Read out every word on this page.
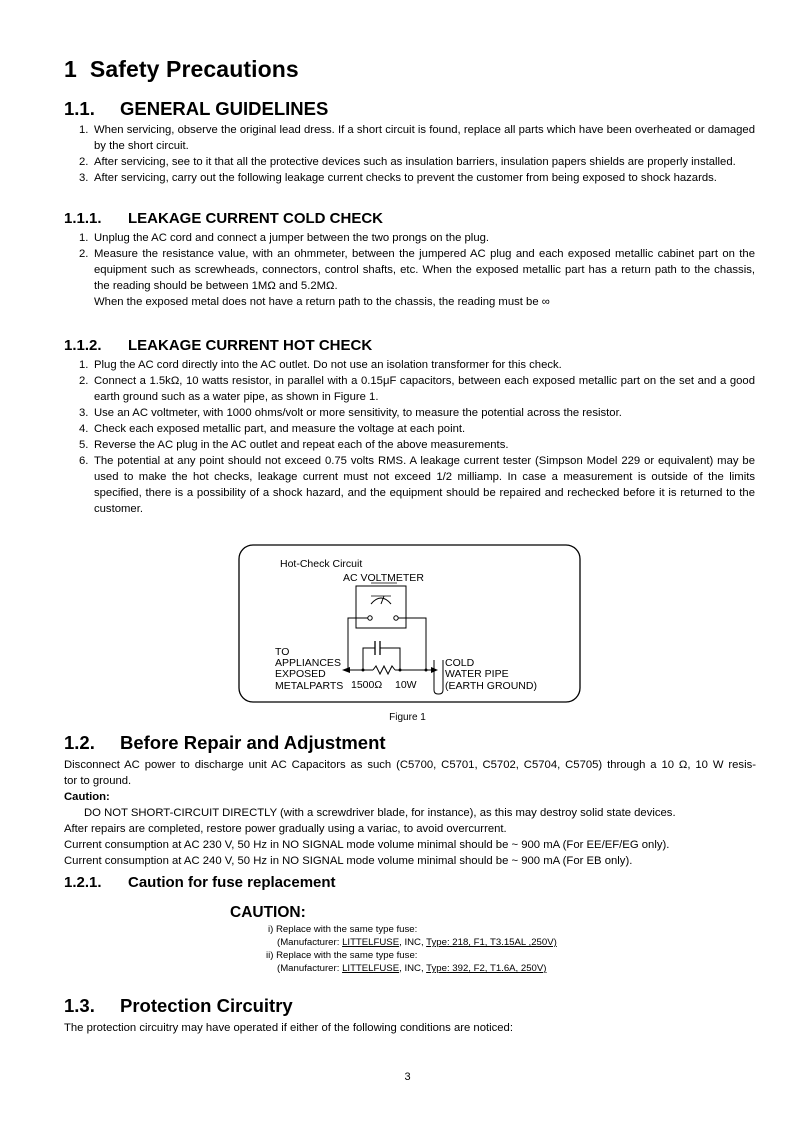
1 Safety Precautions
1.1. GENERAL GUIDELINES
1. When servicing, observe the original lead dress. If a short circuit is found, replace all parts which have been overheated or damaged by the short circuit.
2. After servicing, see to it that all the protective devices such as insulation barriers, insulation papers shields are properly installed.
3. After servicing, carry out the following leakage current checks to prevent the customer from being exposed to shock hazards.
1.1.1. LEAKAGE CURRENT COLD CHECK
1. Unplug the AC cord and connect a jumper between the two prongs on the plug.
2. Measure the resistance value, with an ohmmeter, between the jumpered AC plug and each exposed metallic cabinet part on the equipment such as screwheads, connectors, control shafts, etc. When the exposed metallic part has a return path to the chassis, the reading should be between 1MΩ and 5.2MΩ.
When the exposed metal does not have a return path to the chassis, the reading must be ∞
1.1.2. LEAKAGE CURRENT HOT CHECK
1. Plug the AC cord directly into the AC outlet. Do not use an isolation transformer for this check.
2. Connect a 1.5kΩ, 10 watts resistor, in parallel with a 0.15μF capacitors, between each exposed metallic part on the set and a good earth ground such as a water pipe, as shown in Figure 1.
3. Use an AC voltmeter, with 1000 ohms/volt or more sensitivity, to measure the potential across the resistor.
4. Check each exposed metallic part, and measure the voltage at each point.
5. Reverse the AC plug in the AC outlet and repeat each of the above measurements.
6. The potential at any point should not exceed 0.75 volts RMS. A leakage current tester (Simpson Model 229 or equivalent) may be used to make the hot checks, leakage current must not exceed 1/2 milliamp. In case a measurement is outside of the limits specified, there is a possibility of a shock hazard, and the equipment should be repaired and rechecked before it is returned to the customer.
Hot-Check Circuit
AC VOLTMETER
TO
APPLIANCES
EXPOSED
METALPARTS 1500Ω 10W
COLD
WATER PIPE
(EARTH GROUND)
Figure 1
1.2. Before Repair and Adjustment
Disconnect AC power to discharge unit AC Capacitors as such (C5700, C5701, C5702, C5704, C5705) through a 10 Ω, 10 W resis-
tor to ground.
Caution:
DO NOT SHORT-CIRCUIT DIRECTLY (with a screwdriver blade, for instance), as this may destroy solid state devices.
After repairs are completed, restore power gradually using a variac, to avoid overcurrent.
Current consumption at AC 230 V, 50 Hz in NO SIGNAL mode volume minimal should be ~ 900 mA (For EE/EF/EG only).
Current consumption at AC 240 V, 50 Hz in NO SIGNAL mode volume minimal should be ~ 900 mA (For EB only).
1.2.1. Caution for fuse replacement
CAUTION:
i) Replace with the same type fuse:
(Manufacturer: LITTELFUSE, INC, Type: 218, F1, T3.15AL ,250V)
ii) Replace with the same type fuse:
(Manufacturer: LITTELFUSE, INC, Type: 392, F2, T1.6A, 250V)
1.3. Protection Circuitry
The protection circuitry may have operated if either of the following conditions are noticed:
3
